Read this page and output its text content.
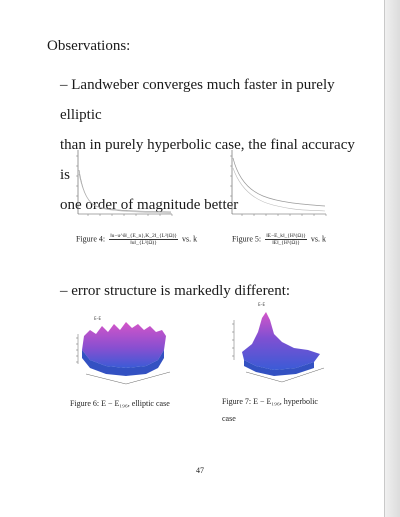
Observations:
– Landweber converges much faster in purely elliptic
than in purely hyperbolic case, the final accuracy is
one order of magnitude better
Figure 4: $\frac{\text{‖u−u\textasciicircum{}δ‖\_\{E\_n\},K\_2‖\_\{L²(Ω)\}}}{\text{‖u‖\_\{L²(Ω)\}}}$ vs. k	Figure 5: $\frac{\text{‖E−E\_k‖\_\{H¹(Ω)\}}}{\text{‖E‖\_\{H¹(Ω)\}}}$ vs. k
– error structure is markedly different:
E–E
E–E
Figure 6: E − E₁₉₆, elliptic case	Figure 7: E − E₁₉₆, hyperbolic
case
47
